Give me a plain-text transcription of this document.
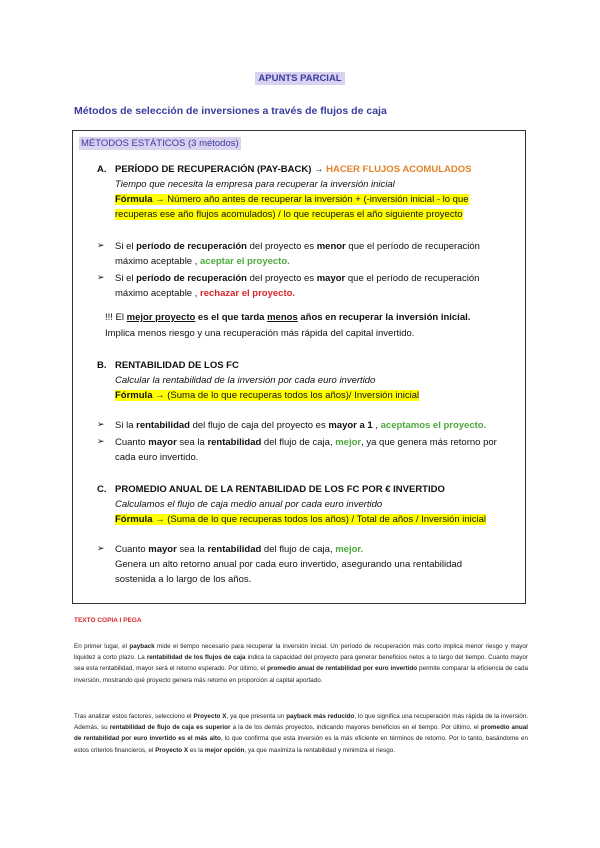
APUNTS PARCIAL
Métodos de selección de inversiones a través de flujos de caja
MÉTODOS ESTÁTICOS (3 métodos)
A. PERÍODO DE RECUPERACIÓN (PAY-BACK) → HACER FLUJOS ACOMULADOS
Tiempo que necesita la empresa para recuperar la inversión inicial
Fórmula → Número año antes de recuperar la inversión + (-inversión inicial - lo que
recuperas ese año flujos acomulados) / lo que recuperas el año siguiente proyecto
➢ Si el período de recuperación del proyecto es menor que el período de recuperación
máximo aceptable , aceptar el proyecto.
➢ Si el período de recuperación del proyecto es mayor que el período de recuperación
máximo aceptable , rechazar el proyecto.
!!! El mejor proyecto es el que tarda menos años en recuperar la inversión inicial.
Implica menos riesgo y una recuperación más rápida del capital invertido.
B. RENTABILIDAD DE LOS FC
Calcular la rentabilidad de la inversión por cada euro invertido
Fórmula → (Suma de lo que recuperas todos los años)/ Inversión inicial
➢ Si la rentabilidad del flujo de caja del proyecto es mayor a 1 , aceptamos el proyecto.
➢ Cuanto mayor sea la rentabilidad del flujo de caja, mejor, ya que genera más retorno por
cada euro invertido.
C. PROMEDIO ANUAL DE LA RENTABILIDAD DE LOS FC POR € INVERTIDO
Calculamos el flujo de caja medio anual por cada euro invertido
Fórmula → (Suma de lo que recuperas todos los años) / Total de años / Inversión inicial
➢ Cuanto mayor sea la rentabilidad del flujo de caja, mejor.
Genera un alto retorno anual por cada euro invertido, asegurando una rentabilidad
sostenida a lo largo de los años.
TEXTO COPIA I PEGA
En primer lugar, el payback mide el tiempo necesario para recuperar la inversión inicial. Un período de recuperación más corto implica menor riesgo y mayor liquidez a corto plazo. La rentabilidad de los flujos de caja indica la capacidad del proyecto para generar beneficios netos a lo largo del tiempo. Cuanto mayor sea esta rentabilidad, mayor será el retorno esperado. Por último, el promedio anual de rentabilidad por euro invertido permite comparar la eficiencia de cada inversión, mostrando qué proyecto genera más retorno en proporción al capital aportado.
Tras analizar estos factores, selecciono el Proyecto X, ya que presenta un payback más reducido, lo que significa una recuperación más rápida de la inversión. Además, su rentabilidad de flujo de caja es superior a la de los demás proyectos, indicando mayores beneficios en el tiempo. Por último, el promedio anual de rentabilidad por euro invertido es el más alto, lo que confirma que esta inversión es la más eficiente en términos de retorno. Por lo tanto, basándome en estos criterios financieros, el Proyecto X es la mejor opción, ya que maximiza la rentabilidad y minimiza el riesgo.
